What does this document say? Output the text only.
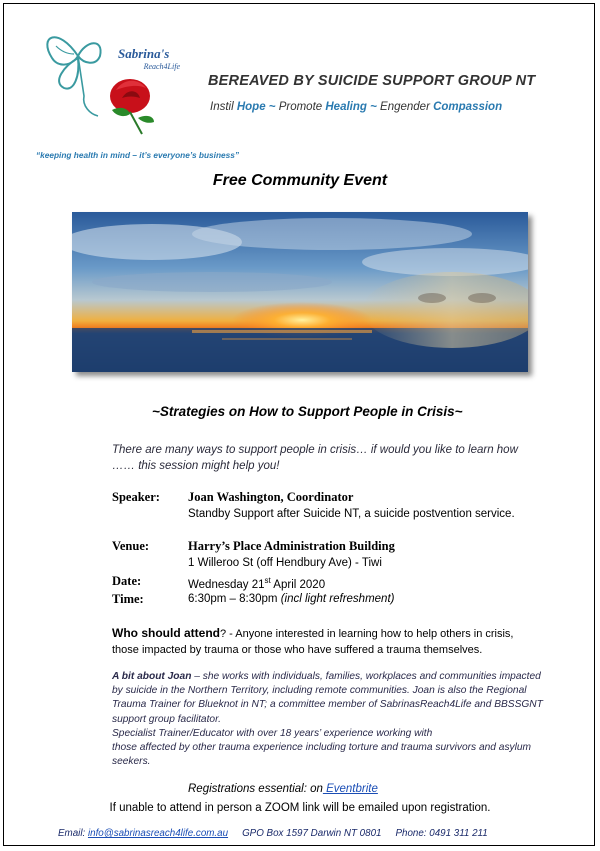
Sabrina's
Reach4Life
BEREAVED BY SUICIDE SUPPORT GROUP NT
Instil Hope ~ Promote Healing ~ Engender Compassion
“keeping health in mind – it’s everyone’s business”
Free Community Event
~Strategies on How to Support People in Crisis~
There are many ways to support people in crisis… if would you like to learn how …… this session might help you!
Speaker: Joan Washington, Coordinator
Standby Support after Suicide NT, a suicide postvention service.
Venue:	Harry’s Place Administration Building
1 Willeroo St (off Hendbury Ave) - Tiwi
Date:	Wednesday 21st April 2020
Time:	6:30pm – 8:30pm (incl light refreshment)
Who should attend? - Anyone interested in learning how to help others in crisis, those impacted by trauma or those who have suffered a trauma themselves.
A bit about Joan – she works with individuals, families, workplaces and communities impacted by suicide in the Northern Territory, including remote communities. Joan is also the Regional Trauma Trainer for Blueknot in NT; a committee member of SabrinasReach4Life and BBSSGNT support group facilitator.
Specialist Trainer/Educator with over 18 years’ experience working with
those affected by other trauma experience including torture and trauma survivors and asylum seekers.
Registrations essential: on Eventbrite
If unable to attend in person a ZOOM link will be emailed upon registration.
Email: info@sabrinasreach4life.com.au GPO Box 1597 Darwin NT 0801 Phone: 0491 311 211
